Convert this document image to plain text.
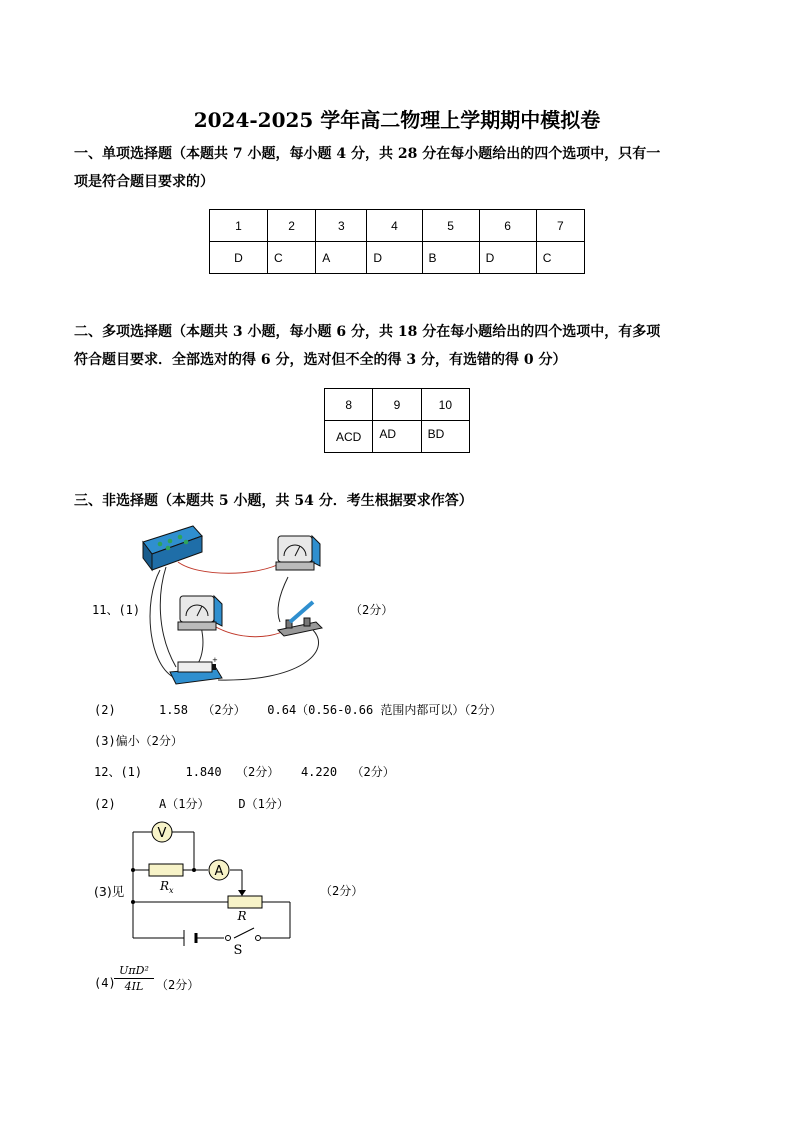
2024-2025 学年高二物理上学期期中模拟卷
一、单项选择题（本题共 7 小题，每小题 4 分，共 28 分在每小题给出的四个选项中，只有一
项是符合题目要求的）
1	2	3	4	5	6	7
D	C	A	D	B	D	C
二、多项选择题（本题共 3 小题，每小题 6 分，共 18 分在每小题给出的四个选项中，有多项
符合题目要求．全部选对的得 6 分，选对但不全的得 3 分，有选错的得 0 分）
8	9	10
ACD	AD	BD
三、非选择题（本题共 5 小题，共 54 分．考生根据要求作答）
+
11、(1)	（2分）
(2)      1.58  （2分）   0.64（0.56-0.66 范围内都可以）（2分）
(3)偏小（2分）
12、(1)      1.840  （2分）   4.220  （2分）
(2)      A（1分）    D（1分）
V
$R_x$
A
R
S
(3)见	（2分）
(4)
UπD²
4IL	（2分）
